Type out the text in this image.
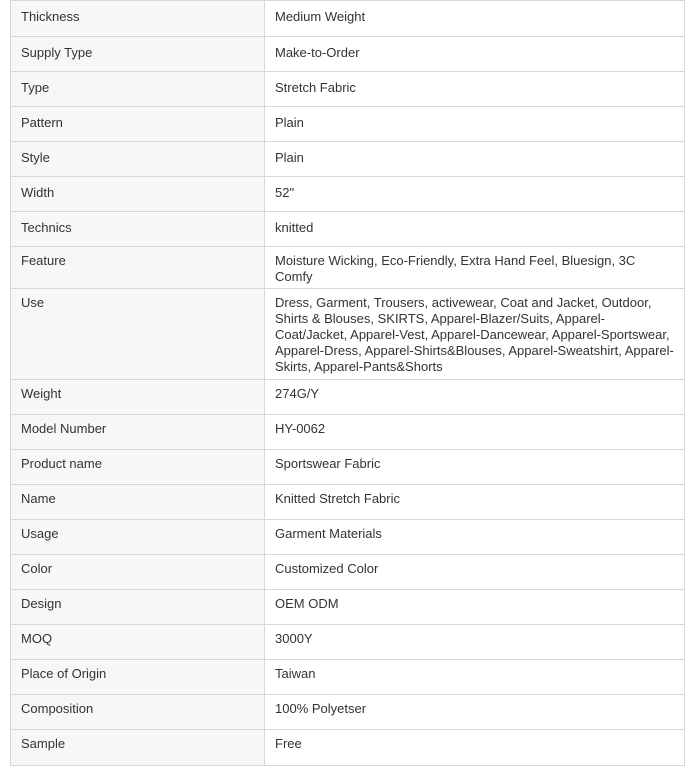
Thickness	Medium Weight

Supply Type	Make-to-Order

Type	Stretch Fabric

Pattern	Plain

Style	Plain

Width	52"

Technics	knitted

Feature	Moisture Wicking, Eco-Friendly, Extra Hand Feel, Bluesign, 3C Comfy

Use	Dress, Garment, Trousers, activewear, Coat and Jacket, Outdoor, Shirts & Blouses, SKIRTS, Apparel-Blazer/Suits, Apparel-Coat/Jacket, Apparel-Vest, Apparel-Dancewear, Apparel-Sportswear, Apparel-Dress, Apparel-Shirts&Blouses, Apparel-Sweatshirt, Apparel-Skirts, Apparel-Pants&Shorts

Weight	274G/Y

Model Number	HY-0062

Product name	Sportswear Fabric

Name	Knitted Stretch Fabric

Usage	Garment Materials

Color	Customized Color

Design	OEM ODM

MOQ	3000Y

Place of Origin	Taiwan

Composition	100% Polyetser

Sample	Free
